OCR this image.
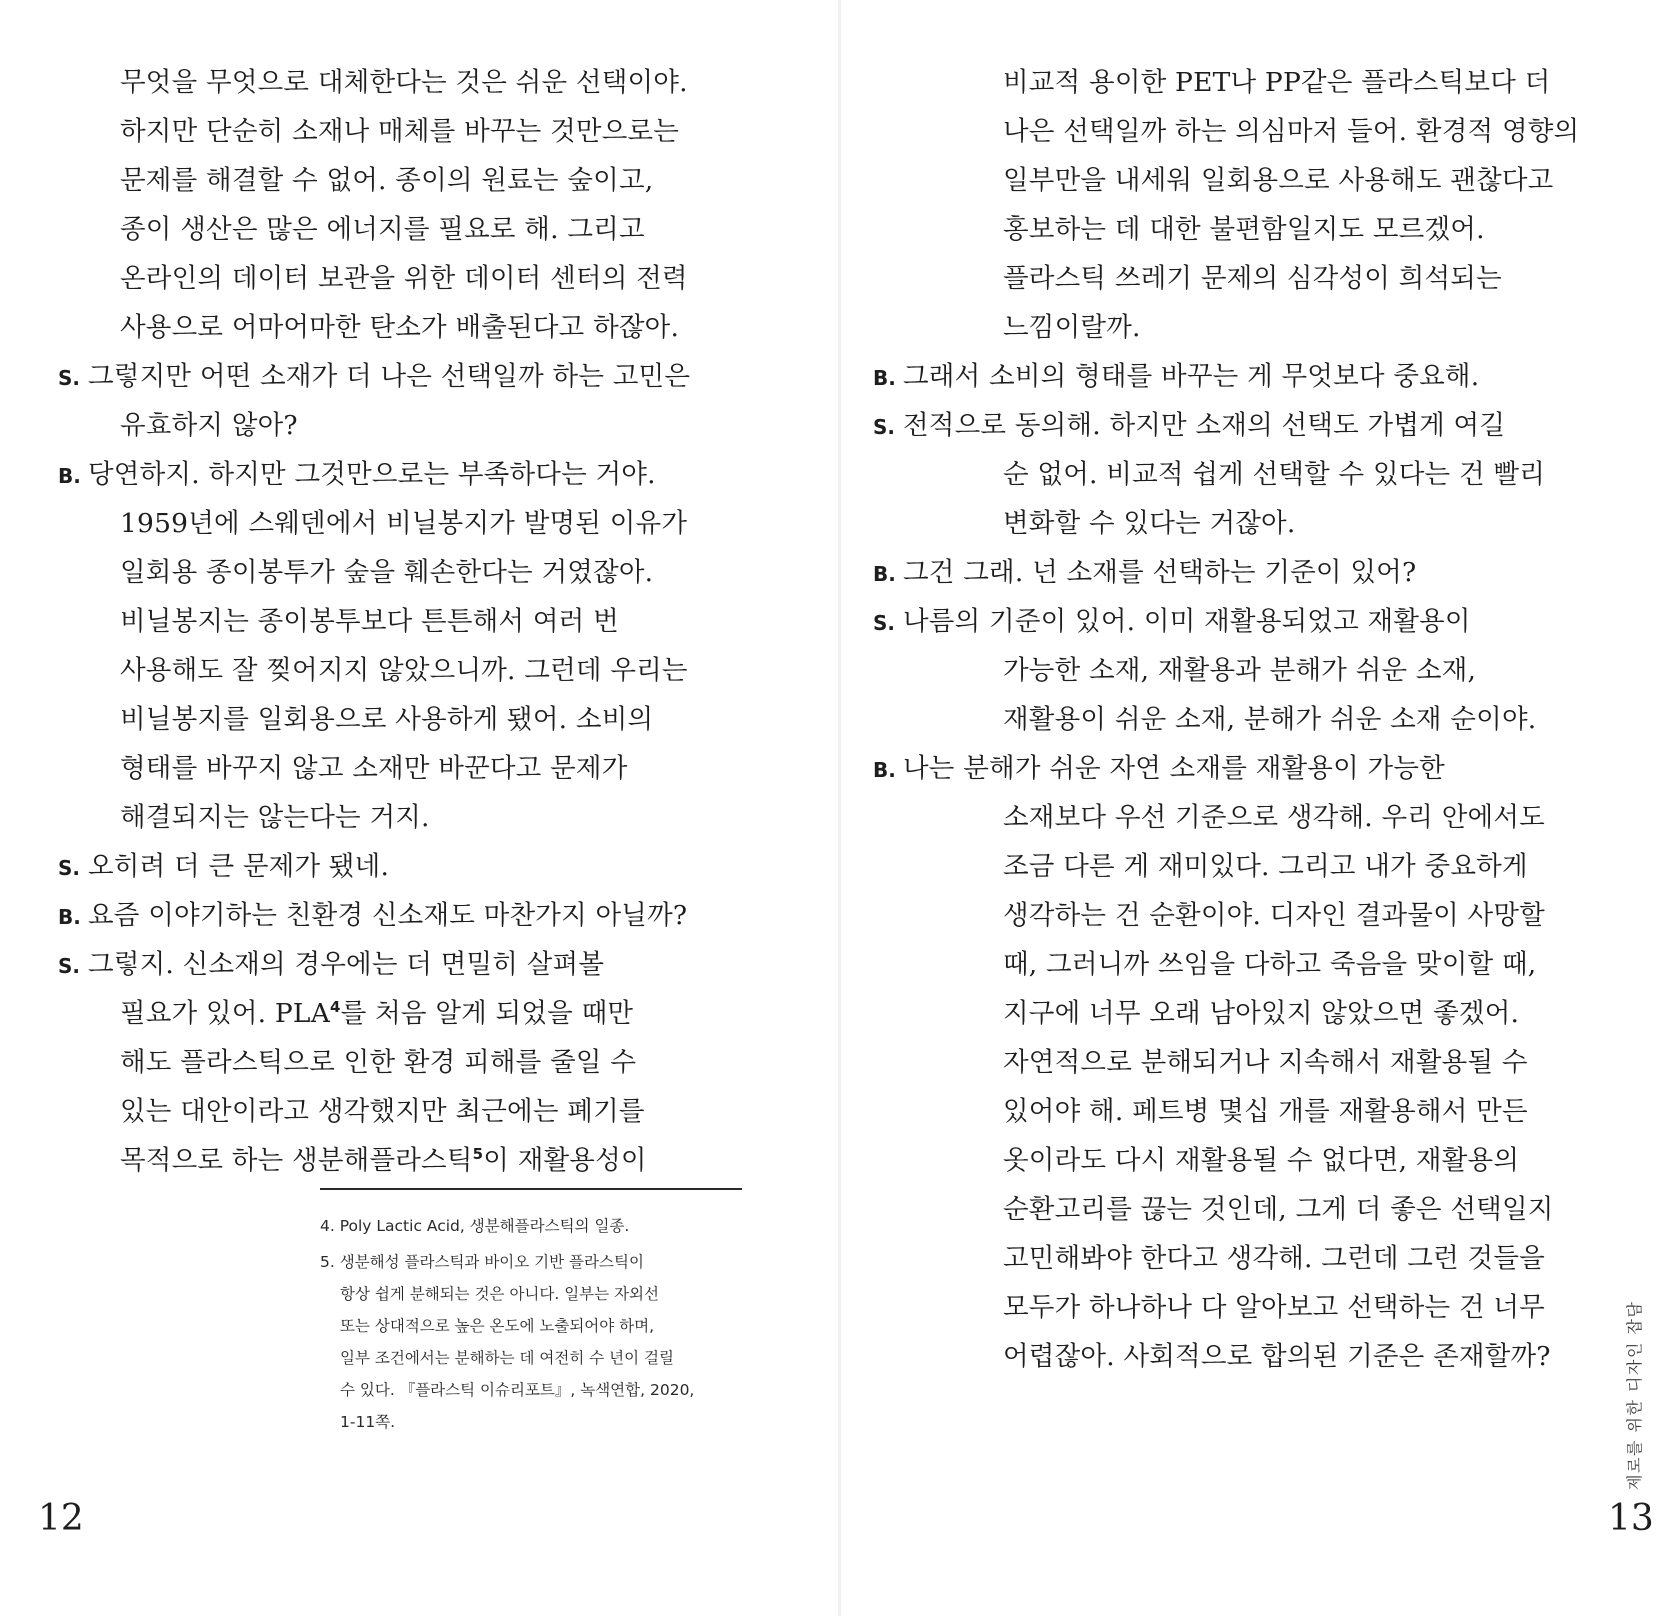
무엇을 무엇으로 대체한다는 것은 쉬운 선택이야.
하지만 단순히 소재나 매체를 바꾸는 것만으로는
문제를 해결할 수 없어. 종이의 원료는 숲이고,
종이 생산은 많은 에너지를 필요로 해. 그리고
온라인의 데이터 보관을 위한 데이터 센터의 전력
사용으로 어마어마한 탄소가 배출된다고 하잖아.
S. 그렇지만 어떤 소재가 더 나은 선택일까 하는 고민은
유효하지 않아?
B. 당연하지. 하지만 그것만으로는 부족하다는 거야.
1959년에 스웨덴에서 비닐봉지가 발명된 이유가
일회용 종이봉투가 숲을 훼손한다는 거였잖아.
비닐봉지는 종이봉투보다 튼튼해서 여러 번
사용해도 잘 찢어지지 않았으니까. 그런데 우리는
비닐봉지를 일회용으로 사용하게 됐어. 소비의
형태를 바꾸지 않고 소재만 바꾼다고 문제가
해결되지는 않는다는 거지.
S. 오히려 더 큰 문제가 됐네.
B. 요즘 이야기하는 친환경 신소재도 마찬가지 아닐까?
S. 그렇지. 신소재의 경우에는 더 면밀히 살펴볼
필요가 있어. PLA$^4$를 처음 알게 되었을 때만
해도 플라스틱으로 인한 환경 피해를 줄일 수
있는 대안이라고 생각했지만 최근에는 폐기를
목적으로 하는 생분해플라스틱$^5$이 재활용성이
비교적 용이한 PET나 PP같은 플라스틱보다 더
나은 선택일까 하는 의심마저 들어. 환경적 영향의
일부만을 내세워 일회용으로 사용해도 괜찮다고
홍보하는 데 대한 불편함일지도 모르겠어.
플라스틱 쓰레기 문제의 심각성이 희석되는
느낌이랄까.
B. 그래서 소비의 형태를 바꾸는 게 무엇보다 중요해.
S. 전적으로 동의해. 하지만 소재의 선택도 가볍게 여길
순 없어. 비교적 쉽게 선택할 수 있다는 건 빨리
변화할 수 있다는 거잖아.
B. 그건 그래. 넌 소재를 선택하는 기준이 있어?
S. 나름의 기준이 있어. 이미 재활용되었고 재활용이
가능한 소재, 재활용과 분해가 쉬운 소재,
재활용이 쉬운 소재, 분해가 쉬운 소재 순이야.
B. 나는 분해가 쉬운 자연 소재를 재활용이 가능한
소재보다 우선 기준으로 생각해. 우리 안에서도
조금 다른 게 재미있다. 그리고 내가 중요하게
생각하는 건 순환이야. 디자인 결과물이 사망할
때, 그러니까 쓰임을 다하고 죽음을 맞이할 때,
지구에 너무 오래 남아있지 않았으면 좋겠어.
자연적으로 분해되거나 지속해서 재활용될 수
있어야 해. 페트병 몇십 개를 재활용해서 만든
옷이라도 다시 재활용될 수 없다면, 재활용의
순환고리를 끊는 것인데, 그게 더 좋은 선택일지
고민해봐야 한다고 생각해. 그런데 그런 것들을
모두가 하나하나 다 알아보고 선택하는 건 너무
어렵잖아. 사회적으로 합의된 기준은 존재할까?
4. Poly Lactic Acid, 생분해플라스틱의 일종.
5. 생분해성 플라스틱과 바이오 기반 플라스틱이
항상 쉽게 분해되는 것은 아니다. 일부는 자외선
또는 상대적으로 높은 온도에 노출되어야 하며,
일부 조건에서는 분해하는 데 여전히 수 년이 걸릴
수 있다. 『플라스틱 이슈리포트』, 녹색연합, 2020,
1-11쪽.
12	13
제로를 위한 디자인 잡담
